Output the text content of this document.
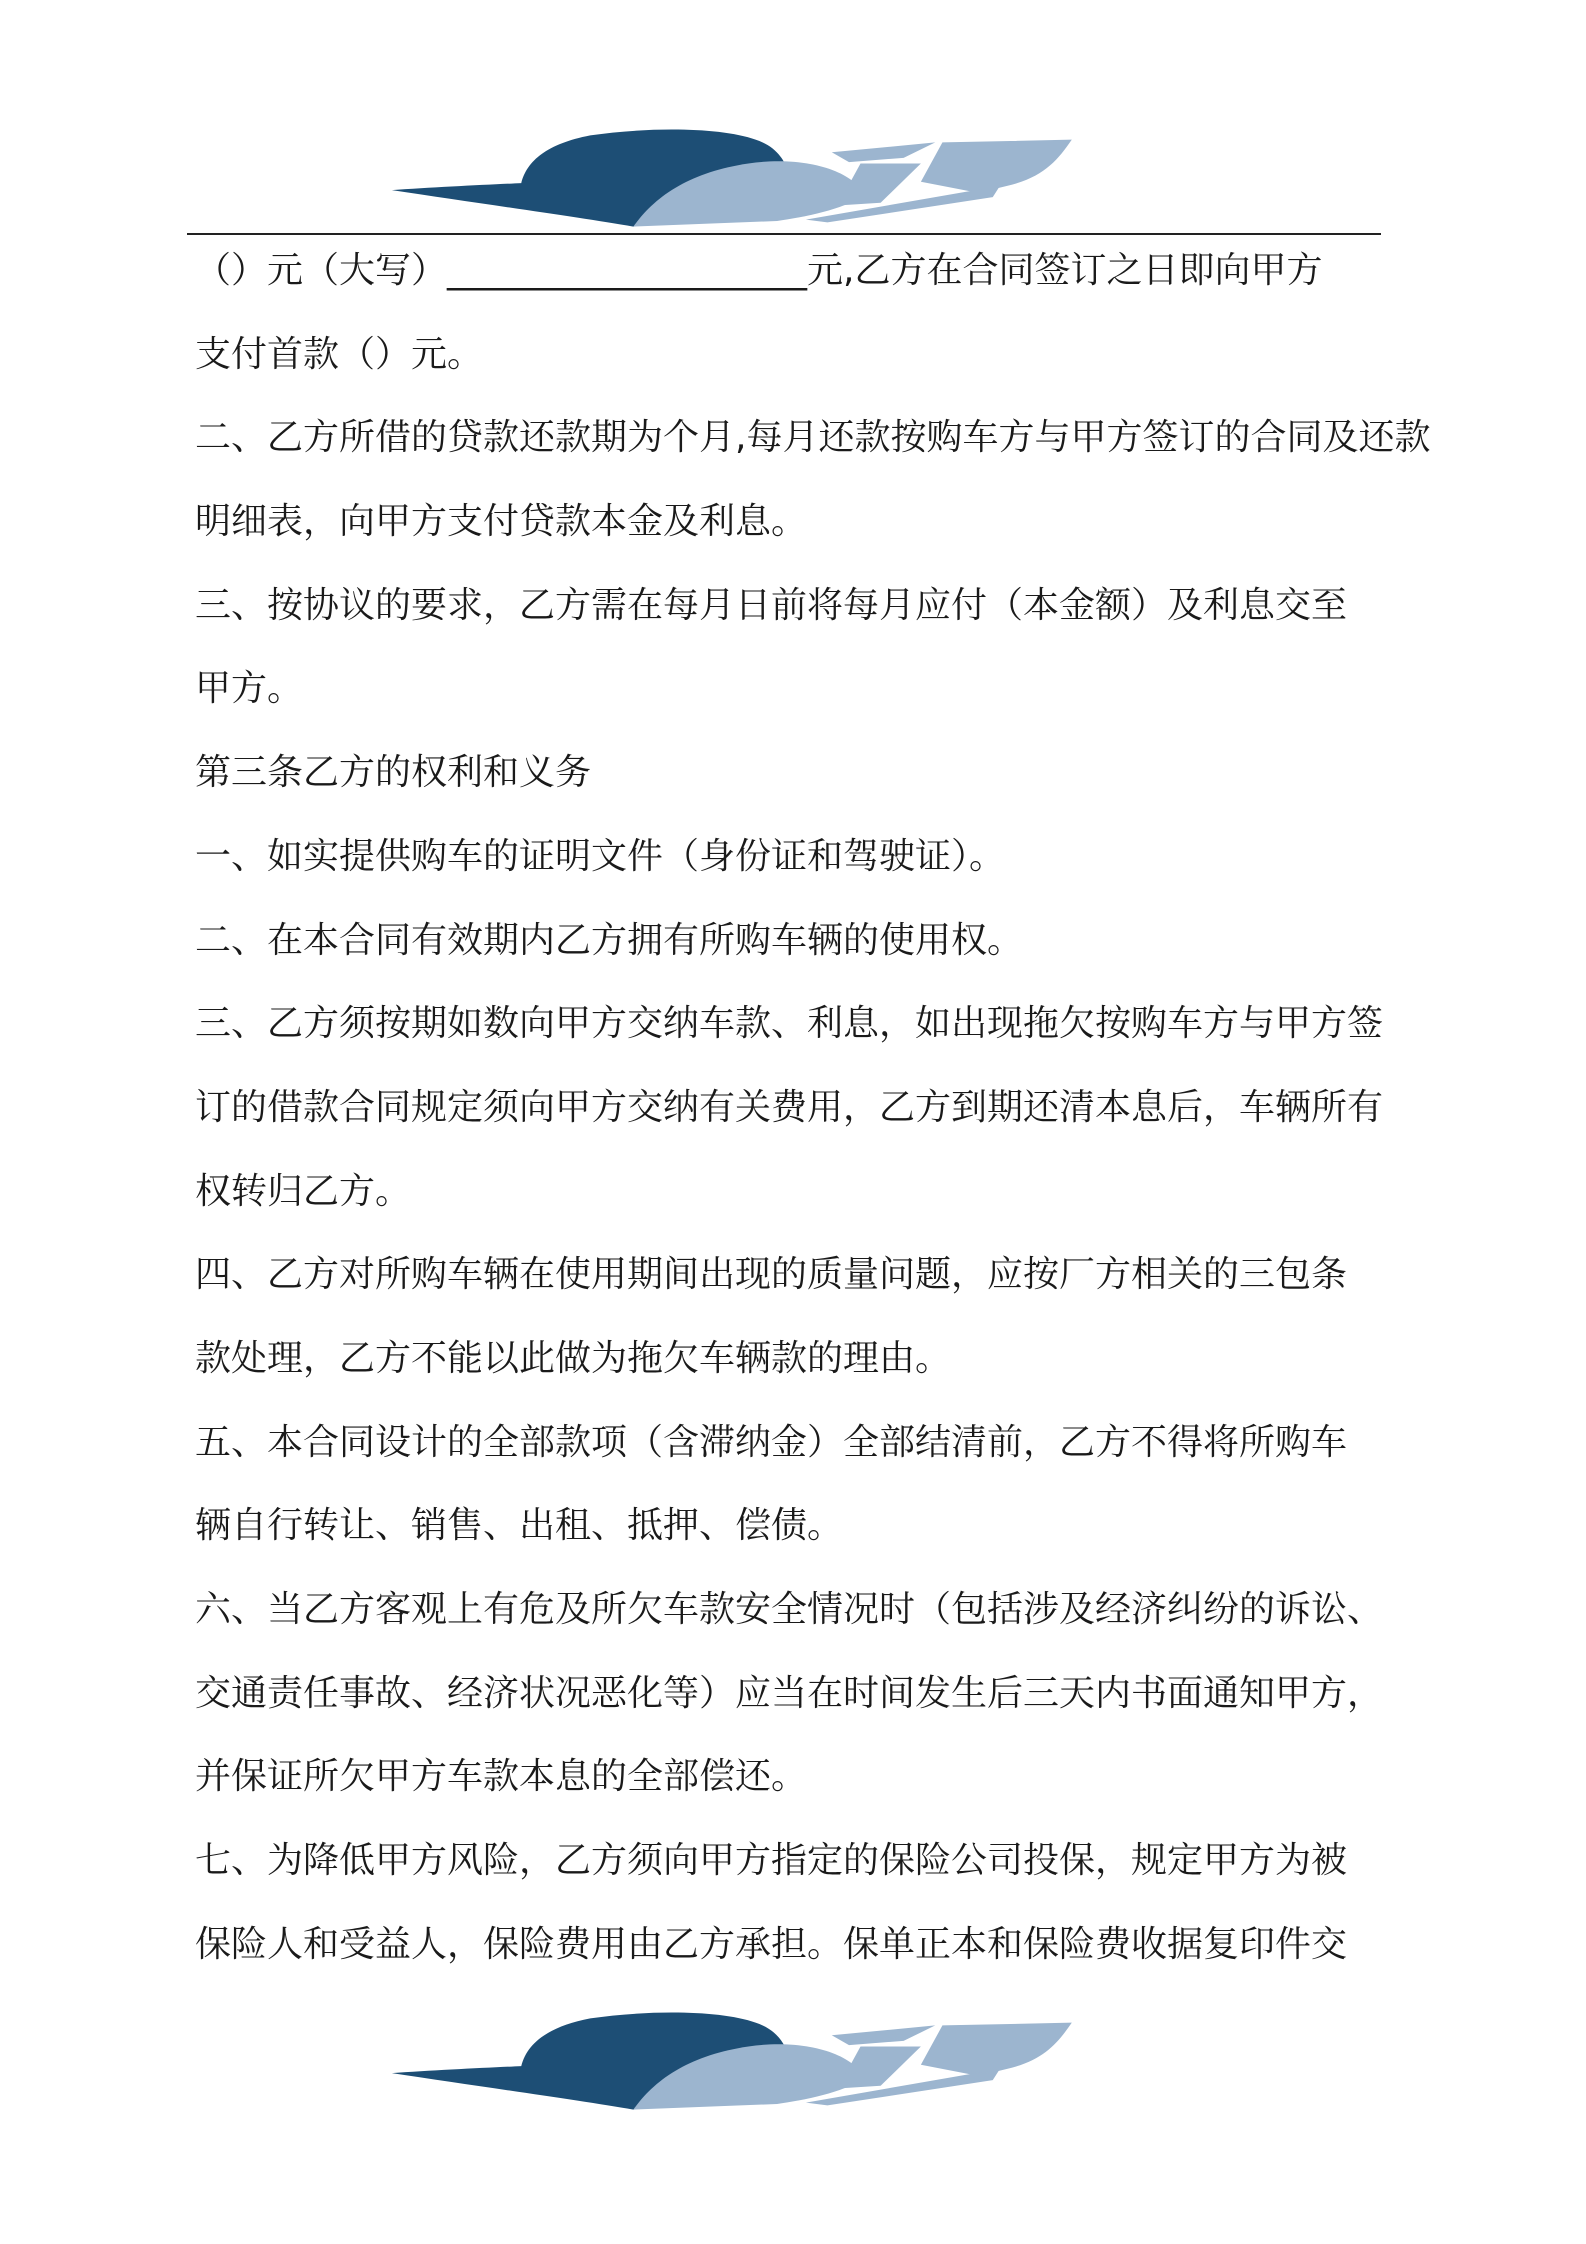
（）元（大写）____________________元,乙方在合同签订之日即向甲方
支付首款（）元。
二、乙方所借的贷款还款期为个月,每月还款按购车方与甲方签订的合同及还款
明细表，向甲方支付贷款本金及利息。
三、按协议的要求，乙方需在每月日前将每月应付（本金额）及利息交至
甲方。
第三条乙方的权利和义务
一、如实提供购车的证明文件（身份证和驾驶证）。
二、在本合同有效期内乙方拥有所购车辆的使用权。
三、乙方须按期如数向甲方交纳车款、利息，如出现拖欠按购车方与甲方签
订的借款合同规定须向甲方交纳有关费用，乙方到期还清本息后，车辆所有
权转归乙方。
四、乙方对所购车辆在使用期间出现的质量问题，应按厂方相关的三包条
款处理，乙方不能以此做为拖欠车辆款的理由。
五、本合同设计的全部款项（含滞纳金）全部结清前，乙方不得将所购车
辆自行转让、销售、出租、抵押、偿债。
六、当乙方客观上有危及所欠车款安全情况时（包括涉及经济纠纷的诉讼、
交通责任事故、经济状况恶化等）应当在时间发生后三天内书面通知甲方，
并保证所欠甲方车款本息的全部偿还。
七、为降低甲方风险，乙方须向甲方指定的保险公司投保，规定甲方为被
保险人和受益人，保险费用由乙方承担。保单正本和保险费收据复印件交
